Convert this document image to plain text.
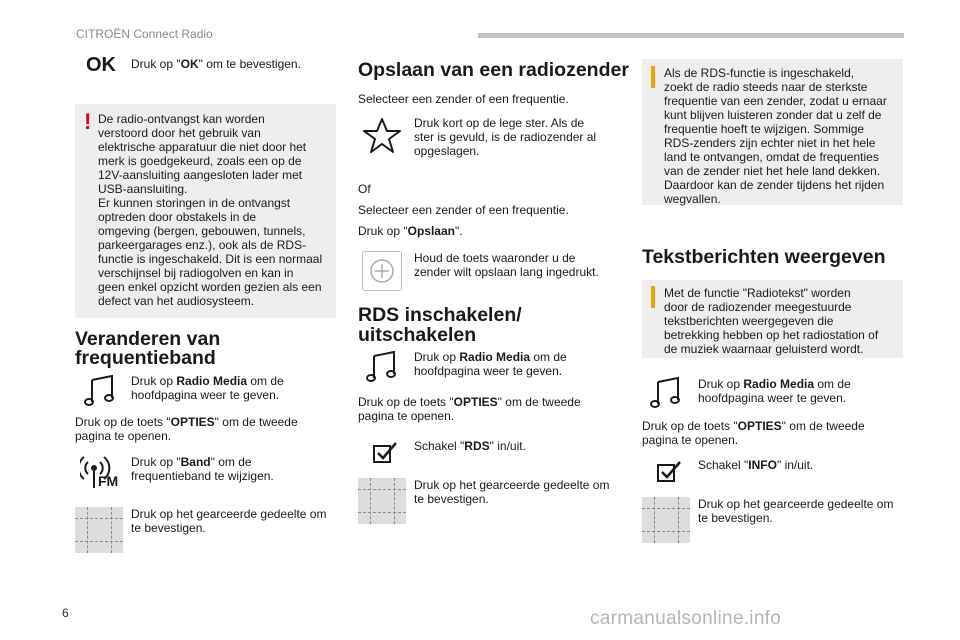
CITROËN Connect Radio
OK Druk op "OK" om te bevestigen.
! De radio-ontvangst kan worden
verstoord door het gebruik van
elektrische apparatuur die niet door het
merk is goedgekeurd, zoals een op de
12V-aansluiting aangesloten lader met
USB-aansluiting.
Er kunnen storingen in de ontvangst
optreden door obstakels in de
omgeving (bergen, gebouwen, tunnels,
parkeergarages enz.), ook als de RDS-
functie is ingeschakeld. Dit is een normaal
verschijnsel bij radiogolven en kan in
geen enkel opzicht worden gezien als een
defect van het audiosysteem.
Veranderen van
frequentieband
Druk op Radio Media om de
hoofdpagina weer te geven.
Druk op de toets "OPTIES" om de tweede
pagina te openen.
FM
Druk op "Band" om de
frequentieband te wijzigen.
Druk op het gearceerde gedeelte om
te bevestigen.
Opslaan van een radiozender
Selecteer een zender of een frequentie.
Druk kort op de lege ster. Als de
ster is gevuld, is de radiozender al
opgeslagen.
Of
Selecteer een zender of een frequentie.
Druk op "Opslaan".
Houd de toets waaronder u de
zender wilt opslaan lang ingedrukt.
RDS inschakelen/
uitschakelen
Druk op Radio Media om de
hoofdpagina weer te geven.
Druk op de toets "OPTIES" om de tweede
pagina te openen.
Schakel "RDS" in/uit.
Druk op het gearceerde gedeelte om
te bevestigen.
Als de RDS-functie is ingeschakeld,
zoekt de radio steeds naar de sterkste
frequentie van een zender, zodat u ernaar
kunt blijven luisteren zonder dat u zelf de
frequentie hoeft te wijzigen. Sommige
RDS-zenders zijn echter niet in het hele
land te ontvangen, omdat de frequenties
van de zender niet het hele land dekken.
Daardoor kan de zender tijdens het rijden
wegvallen.
Tekstberichten weergeven
Met de functie "Radiotekst" worden
door de radiozender meegestuurde
tekstberichten weergegeven die
betrekking hebben op het radiostation of
de muziek waarnaar geluisterd wordt.
Druk op Radio Media om de
hoofdpagina weer te geven.
Druk op de toets "OPTIES" om de tweede
pagina te openen.
Schakel "INFO" in/uit.
Druk op het gearceerde gedeelte om
te bevestigen.
6	carmanualsonline.info
